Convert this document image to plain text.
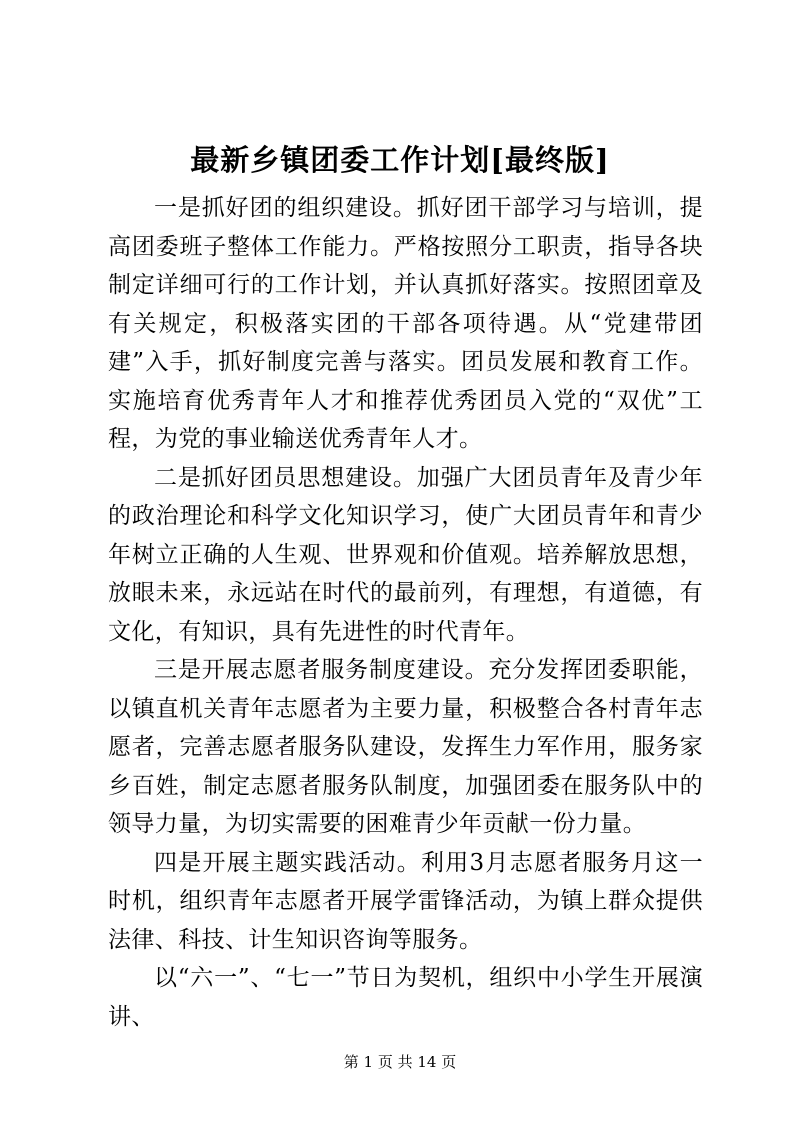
最新乡镇团委工作计划[最终版]

一是抓好团的组织建设。抓好团干部学习与培训，提高团委班子整体工作能力。严格按照分工职责，指导各块制定详细可行的工作计划，并认真抓好落实。按照团章及有关规定，积极落实团的干部各项待遇。从“党建带团建”入手，抓好制度完善与落实。团员发展和教育工作。实施培育优秀青年人才和推荐优秀团员入党的“双优”工程，为党的事业输送优秀青年人才。

二是抓好团员思想建设。加强广大团员青年及青少年的政治理论和科学文化知识学习，使广大团员青年和青少年树立正确的人生观、世界观和价值观。培养解放思想，放眼未来，永远站在时代的最前列，有理想，有道德，有文化，有知识，具有先进性的时代青年。

三是开展志愿者服务制度建设。充分发挥团委职能，以镇直机关青年志愿者为主要力量，积极整合各村青年志愿者，完善志愿者服务队建设，发挥生力军作用，服务家乡百姓，制定志愿者服务队制度，加强团委在服务队中的领导力量，为切实需要的困难青少年贡献一份力量。

四是开展主题实践活动。利用3月志愿者服务月这一时机，组织青年志愿者开展学雷锋活动，为镇上群众提供法律、科技、计生知识咨询等服务。

以“六一”、“七一”节日为契机，组织中小学生开展演讲、

第 1 页 共 14 页
